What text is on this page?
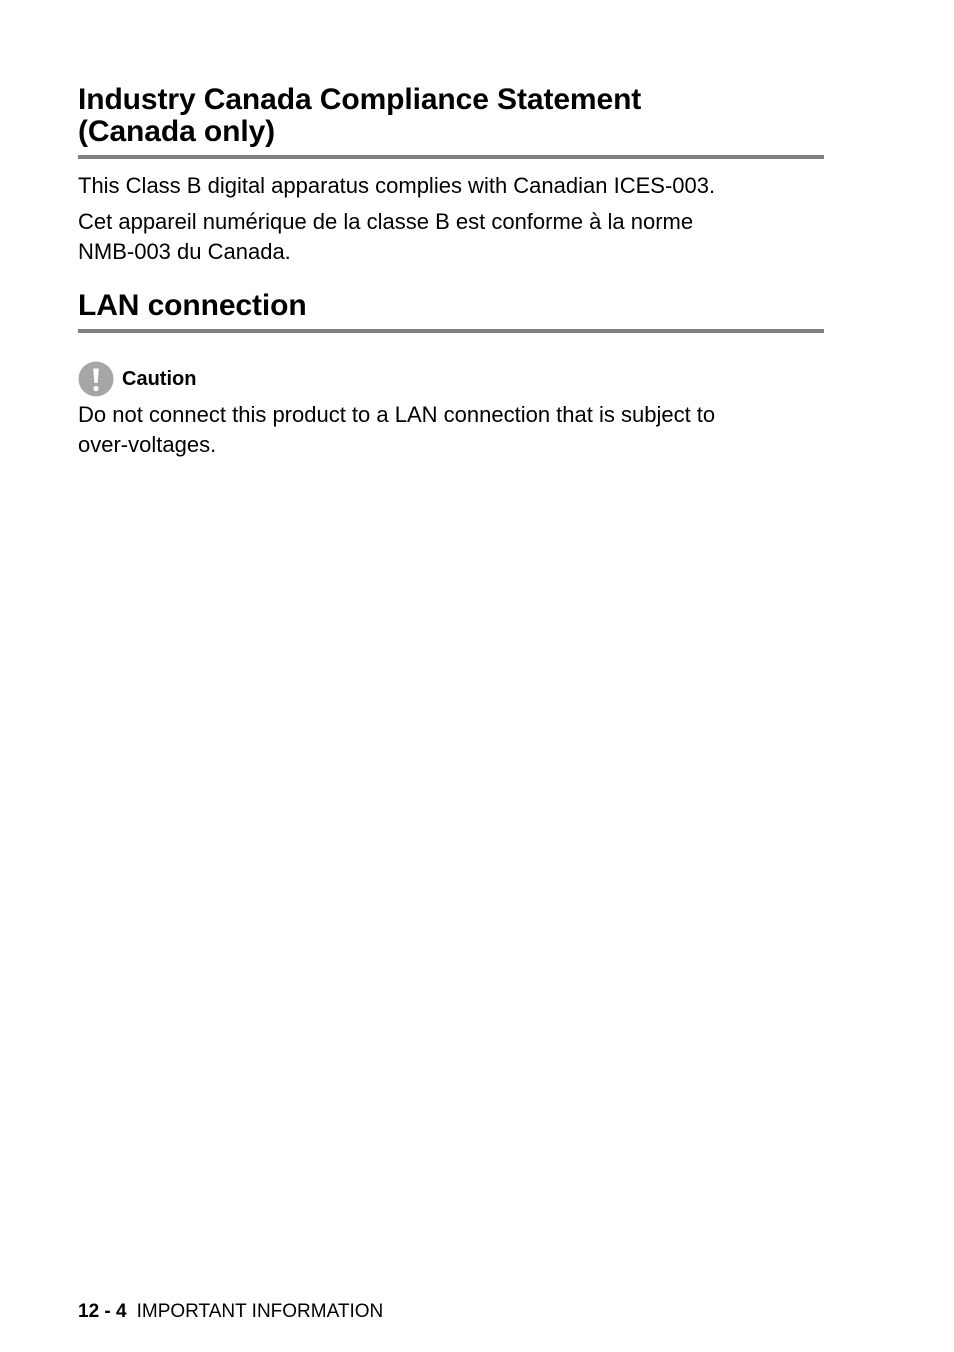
Industry Canada Compliance Statement
(Canada only)

This Class B digital apparatus complies with Canadian ICES-003.

Cet appareil numérique de la classe B est conforme à la norme
NMB-003 du Canada.

LAN connection
Caution

Do not connect this product to a LAN connection that is subject to
over-voltages.

12 - 4 IMPORTANT INFORMATION
